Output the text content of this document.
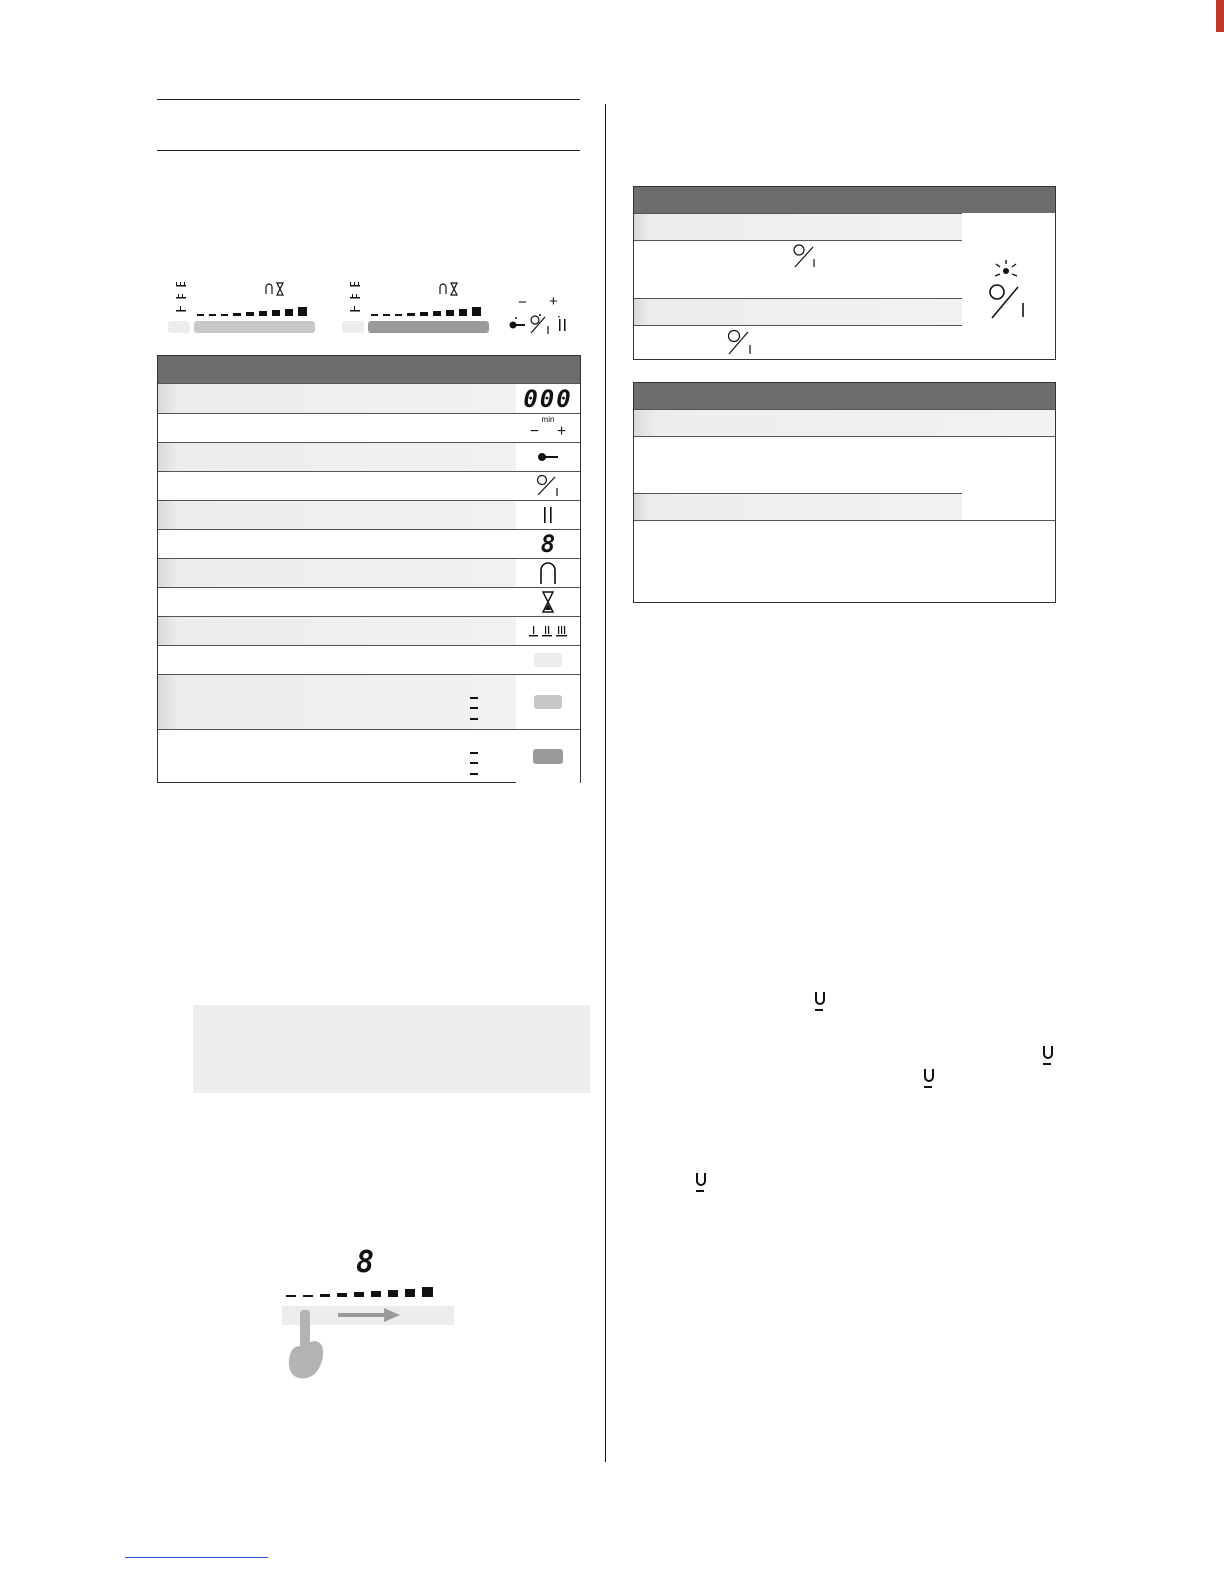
− +
000
min
− +
8
8
